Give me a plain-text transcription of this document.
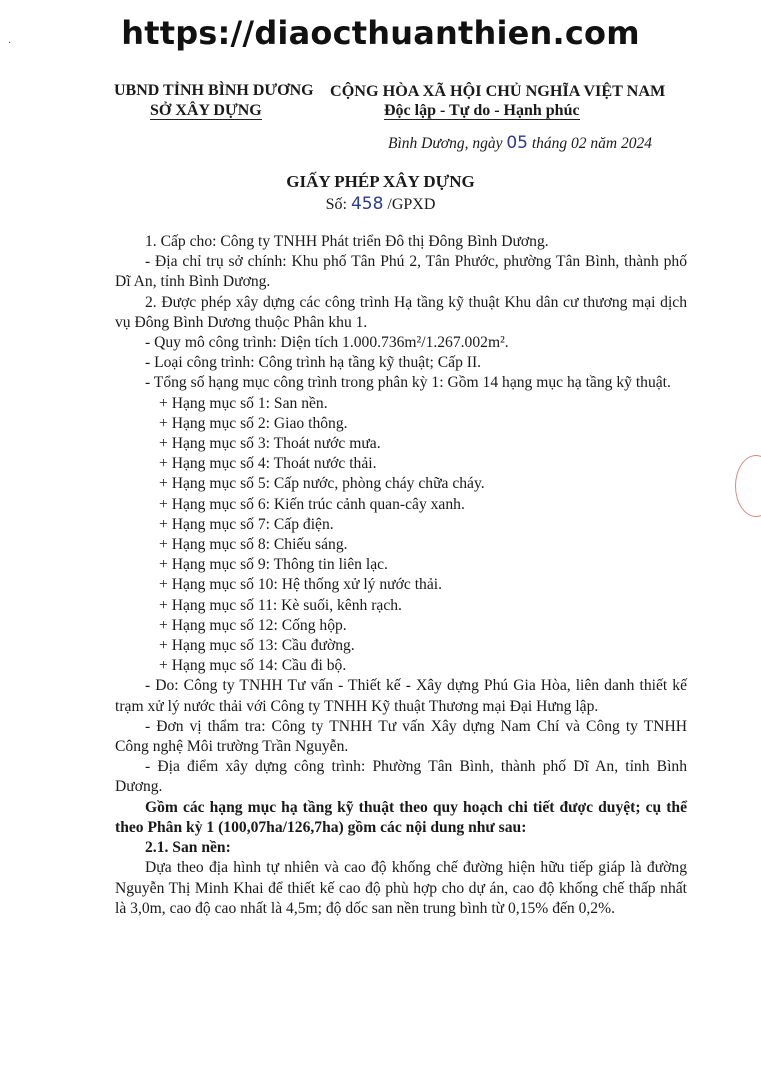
https://diaocthuanthien.com
·
UBND TỈNH BÌNH DƯƠNG
SỞ XÂY DỰNG
CỘNG HÒA XÃ HỘI CHỦ NGHĨA VIỆT NAM
Độc lập - Tự do - Hạnh phúc
Bình Dương, ngày 05 tháng 02 năm 2024
GIẤY PHÉP XÂY DỰNG
Số: 458 /GPXD

1. Cấp cho: Công ty TNHH Phát triển Đô thị Đông Bình Dương.

- Địa chỉ trụ sở chính: Khu phố Tân Phú 2, Tân Phước, phường Tân Bình, thành phố Dĩ An, tỉnh Bình Dương.

2. Được phép xây dựng các công trình Hạ tầng kỹ thuật Khu dân cư thương mại dịch vụ Đông Bình Dương thuộc Phân khu 1.

- Quy mô công trình: Diện tích 1.000.736m²/1.267.002m².

- Loại công trình: Công trình hạ tầng kỹ thuật; Cấp II.

- Tổng số hạng mục công trình trong phân kỳ 1: Gồm 14 hạng mục hạ tầng kỹ thuật.

+ Hạng mục số 1: San nền.

+ Hạng mục số 2: Giao thông.

+ Hạng mục số 3: Thoát nước mưa.

+ Hạng mục số 4: Thoát nước thải.

+ Hạng mục số 5: Cấp nước, phòng cháy chữa cháy.

+ Hạng mục số 6: Kiến trúc cảnh quan-cây xanh.

+ Hạng mục số 7: Cấp điện.

+ Hạng mục số 8: Chiếu sáng.

+ Hạng mục số 9: Thông tin liên lạc.

+ Hạng mục số 10: Hệ thống xử lý nước thải.

+ Hạng mục số 11: Kè suối, kênh rạch.

+ Hạng mục số 12: Cống hộp.

+ Hạng mục số 13: Cầu đường.

+ Hạng mục số 14: Cầu đi bộ.

- Do: Công ty TNHH Tư vấn - Thiết kế - Xây dựng Phú Gia Hòa, liên danh thiết kế trạm xử lý nước thải với Công ty TNHH Kỹ thuật Thương mại Đại Hưng lập.

- Đơn vị thẩm tra: Công ty TNHH Tư vấn Xây dựng Nam Chí và Công ty TNHH Công nghệ Môi trường Trần Nguyễn.

- Địa điểm xây dựng công trình: Phường Tân Bình, thành phố Dĩ An, tỉnh Bình Dương.

Gồm các hạng mục hạ tầng kỹ thuật theo quy hoạch chi tiết được duyệt; cụ thể theo Phân kỳ 1 (100,07ha/126,7ha) gồm các nội dung như sau:

2.1. San nền:

Dựa theo địa hình tự nhiên và cao độ khống chế đường hiện hữu tiếp giáp là đường Nguyễn Thị Minh Khai để thiết kế cao độ phù hợp cho dự án, cao độ khống chế thấp nhất là 3,0m, cao độ cao nhất là 4,5m; độ dốc san nền trung bình từ 0,15% đến 0,2%.
